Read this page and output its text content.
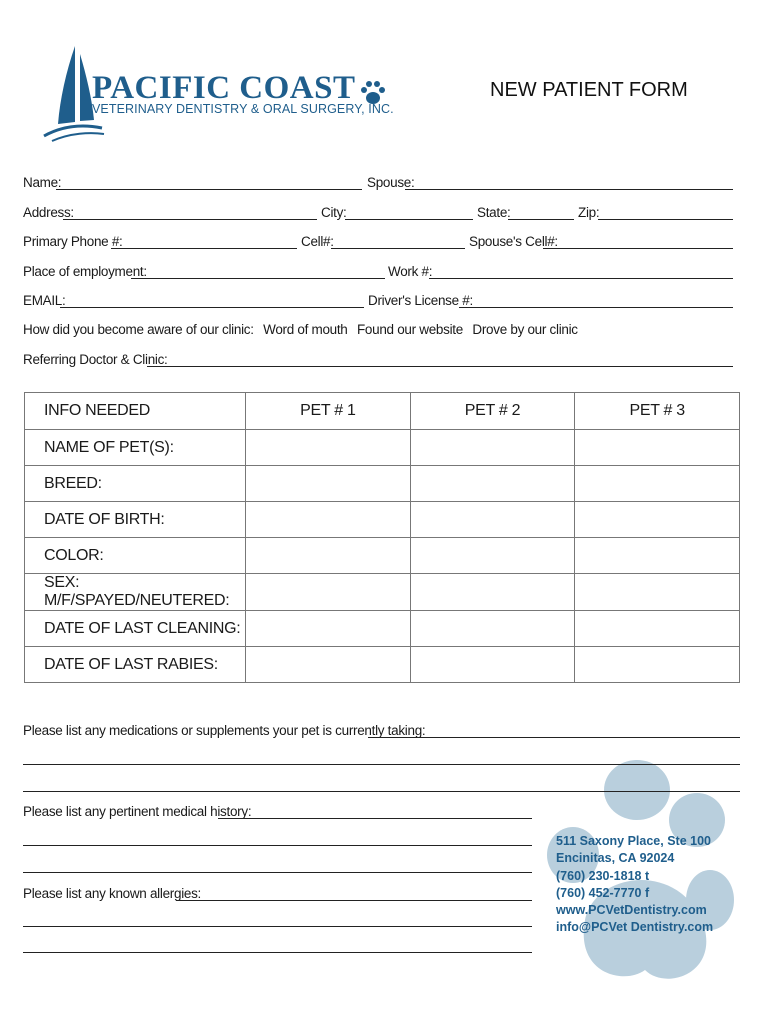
PACIFIC COAST
VETERINARY DENTISTRY & ORAL SURGERY, INC.
NEW PATIENT FORM
Name:	Spouse:
Address:	City:	State:	Zip:
Primary Phone #:	Cell#:	Spouse's Cell#:
Place of employment:	Work #:
EMAIL:	Driver's License #:
How did you become aware of our clinic: Word of mouth Found our website Drove by our clinic
Referring Doctor & Clinic:
INFO NEEDED	PET # 1	PET # 2	PET # 3
NAME OF PET(S):			
BREED:			
DATE OF BIRTH:			
COLOR:			
SEX: M/F/SPAYED/NEUTERED:			
DATE OF LAST CLEANING:			
DATE OF LAST RABIES:			
Please list any medications or supplements your pet is currently taking:
Please list any pertinent medical history:
Please list any known allergies:
511 Saxony Place, Ste 100
Encinitas, CA 92024
(760) 230-1818 t
(760) 452-7770 f
www.PCVetDentistry.com
info@PCVet Dentistry.com
